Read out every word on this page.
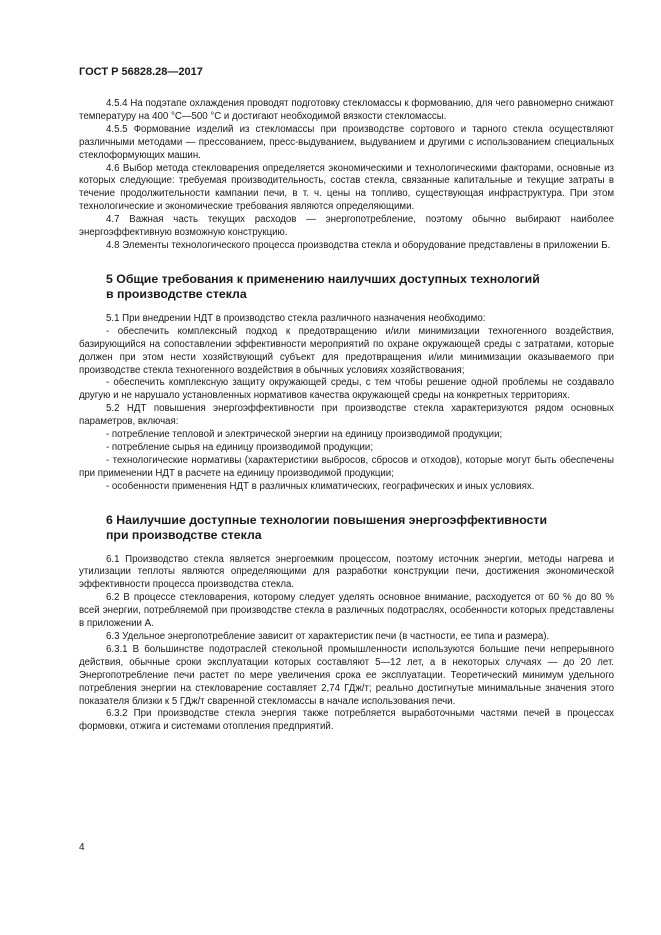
ГОСТ Р 56828.28—2017

4.5.4 На подэтапе охлаждения проводят подготовку стекломассы к формованию, для чего равномерно снижают температуру на 400 °С—500 °С и достигают необходимой вязкости стекломассы.

4.5.5 Формование изделий из стекломассы при производстве сортового и тарного стекла осуществляют различными методами — прессованием, пресс-выдуванием, выдуванием и другими с использованием специальных стеклоформующих машин.

4.6 Выбор метода стекловарения определяется экономическими и технологическими факторами, основные из которых следующие: требуемая производительность, состав стекла, связанные капитальные и текущие затраты в течение продолжительности кампании печи, в т. ч. цены на топливо, существующая инфраструктура. При этом технологические и экономические требования являются определяющими.

4.7 Важная часть текущих расходов — энергопотребление, поэтому обычно выбирают наиболее энергоэффективную возможную конструкцию.

4.8 Элементы технологического процесса производства стекла и оборудование представлены в приложении Б.

5 Общие требования к применению наилучших доступных технологий
в производстве стекла

5.1 При внедрении НДТ в производство стекла различного назначения необходимо:

- обеспечить комплексный подход к предотвращению и/или минимизации техногенного воздействия, базирующийся на сопоставлении эффективности мероприятий по охране окружающей среды с затратами, которые должен при этом нести хозяйствующий субъект для предотвращения и/или минимизации оказываемого при производстве стекла техногенного воздействия в обычных условиях хозяйствования;

- обеспечить комплексную защиту окружающей среды, с тем чтобы решение одной проблемы не создавало другую и не нарушало установленных нормативов качества окружающей среды на конкретных территориях.

5.2 НДТ повышения энергоэффективности при производстве стекла характеризуются рядом основных параметров, включая:

- потребление тепловой и электрической энергии на единицу производимой продукции;

- потребление сырья на единицу производимой продукции;

- технологические нормативы (характеристики выбросов, сбросов и отходов), которые могут быть обеспечены при применении НДТ в расчете на единицу производимой продукции;

- особенности применения НДТ в различных климатических, географических и иных условиях.

6 Наилучшие доступные технологии повышения энергоэффективности
при производстве стекла

6.1 Производство стекла является энергоемким процессом, поэтому источник энергии, методы нагрева и утилизации теплоты являются определяющими для разработки конструкции печи, достижения экономической эффективности процесса производства стекла.

6.2 В процессе стекловарения, которому следует уделять основное внимание, расходуется от 60 % до 80 % всей энергии, потребляемой при производстве стекла в различных подотраслях, особенности которых представлены в приложении А.

6.3 Удельное энергопотребление зависит от характеристик печи (в частности, ее типа и размера).

6.3.1 В большинстве подотраслей стекольной промышленности используются большие печи непрерывного действия, обычные сроки эксплуатации которых составляют 5—12 лет, а в некоторых случаях — до 20 лет. Энергопотребление печи растет по мере увеличения срока ее эксплуатации. Теоретический минимум удельного потребления энергии на стекловарение составляет 2,74 ГДж/т; реально достигнутые минимальные значения этого показателя близки к 5 ГДж/т сваренной стекломассы в начале использования печи.

6.3.2 При производстве стекла энергия также потребляется выработочными частями печей в процессах формовки, отжига и системами отопления предприятий.

4
